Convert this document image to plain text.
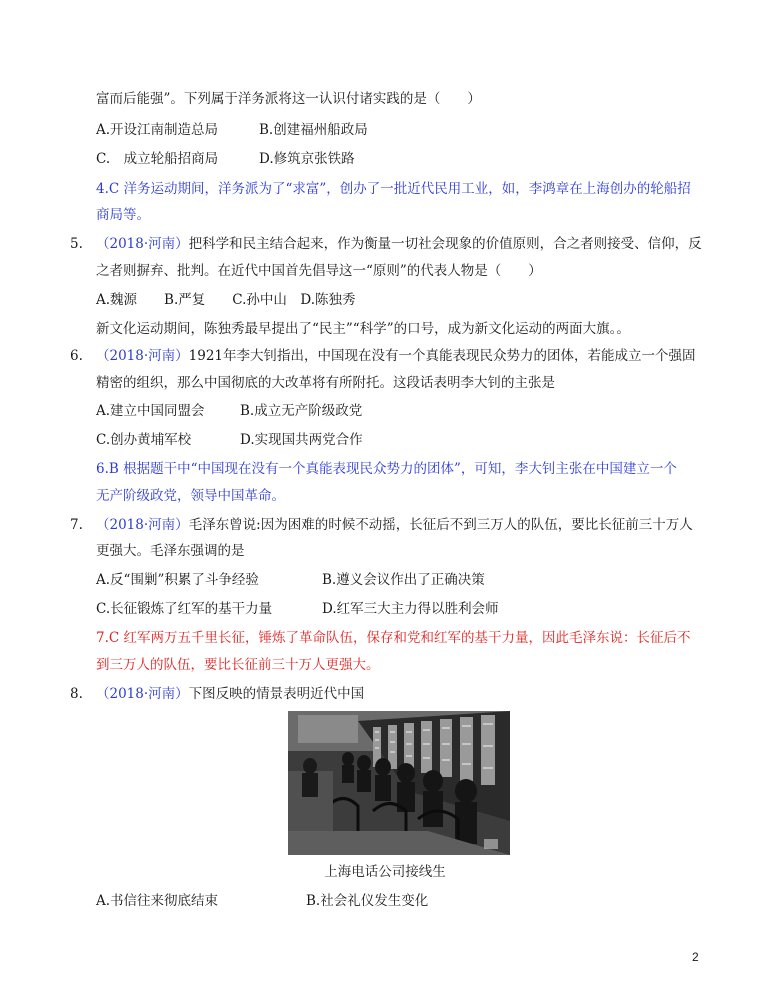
富而后能强”。下列属于洋务派将这一认识付诸实践的是（　　）
A.开设江南制造总局	B.创建福州船政局
C.　成立轮船招商局	D.修筑京张铁路
4.C 洋务运动期间，洋务派为了“求富”，创办了一批近代民用工业，如，李鸿章在上海创办的轮船招
商局等。
5. （2018·河南）把科学和民主结合起来，作为衡量一切社会现象的价值原则，合之者则接受、信仰，反
之者则摒弃、批判。在近代中国首先倡导这一“原则”的代表人物是（　　）
A.魏源　　B.严复　　C.孙中山　D.陈独秀
新文化运动期间，陈独秀最早提出了“民主”“科学”的口号，成为新文化运动的两面大旗。。
6. （2018·河南）1921年李大钊指出，中国现在没有一个真能表现民众势力的团体，若能成立一个强固
精密的组织，那么中国彻底的大改革将有所附托。这段话表明李大钊的主张是
A.建立中国同盟会	B.成立无产阶级政党
C.创办黄埔军校	D.实现国共两党合作
6.B 根据题干中“中国现在没有一个真能表现民众势力的团体”，可知，李大钊主张在中国建立一个
无产阶级政党，领导中国革命。
7. （2018·河南）毛泽东曾说:因为困难的时候不动摇，长征后不到三万人的队伍，要比长征前三十万人
更强大。毛泽东强调的是
A.反“围剿”积累了斗争经验	B.遵义会议作出了正确决策
C.长征锻炼了红军的基干力量	D.红军三大主力得以胜利会师
7.C 红军两万五千里长征，锤炼了革命队伍，保存和党和红军的基干力量，因此毛泽东说：长征后不
到三万人的队伍，要比长征前三十万人更强大。
8. （2018·河南）下图反映的情景表明近代中国
上海电话公司接线生
A.书信往来彻底结束	B.社会礼仪发生变化
2
